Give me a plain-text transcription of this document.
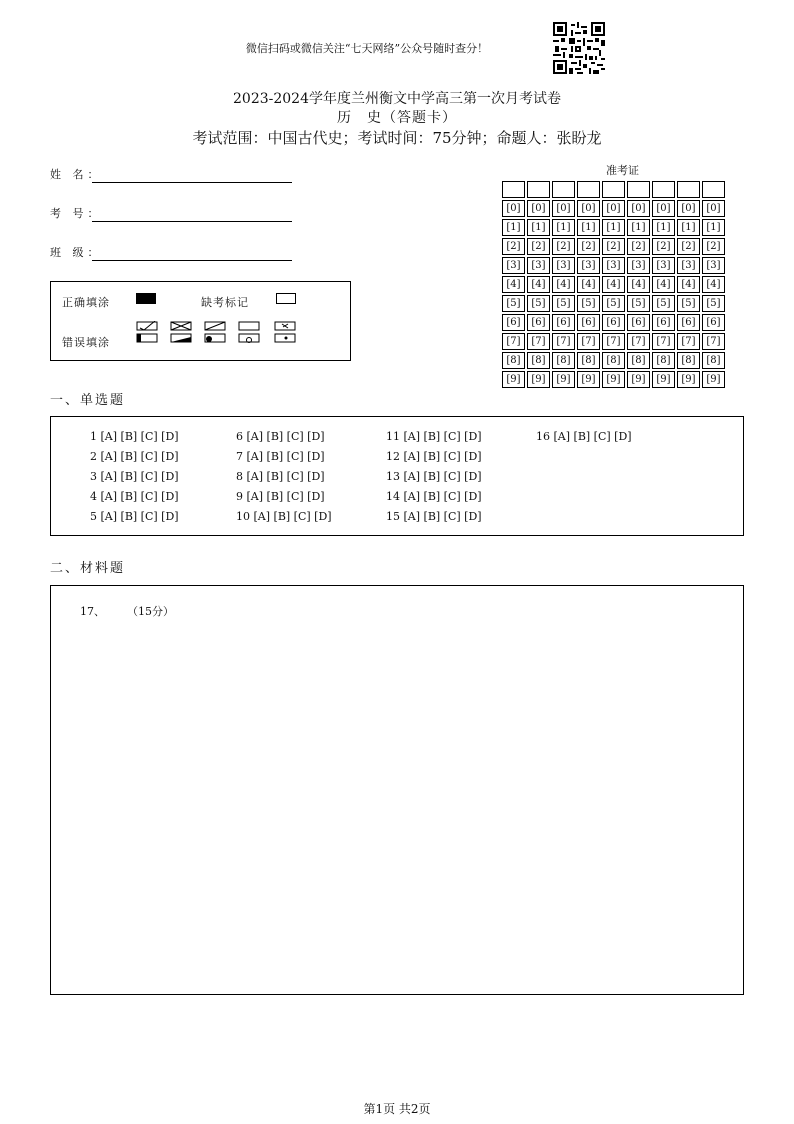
微信扫码或微信关注“七天网络”公众号随时查分！
2023-2024学年度兰州衡文中学高三第一次月考试卷
历　史（答题卡）
考试范围：中国古代史；考试时间：75分钟；命题人：张盼龙
姓 名：
考 号：
班 级：
正确填涂	缺考标记
错误填涂
准考证

[0]	[0]	[0]	[0]	[0]	[0]	[0]	[0]	[0]
[1]	[1]	[1]	[1]	[1]	[1]	[1]	[1]	[1]
[2]	[2]	[2]	[2]	[2]	[2]	[2]	[2]	[2]
[3]	[3]	[3]	[3]	[3]	[3]	[3]	[3]	[3]
[4]	[4]	[4]	[4]	[4]	[4]	[4]	[4]	[4]
[5]	[5]	[5]	[5]	[5]	[5]	[5]	[5]	[5]
[6]	[6]	[6]	[6]	[6]	[6]	[6]	[6]	[6]
[7]	[7]	[7]	[7]	[7]	[7]	[7]	[7]	[7]
[8]	[8]	[8]	[8]	[8]	[8]	[8]	[8]	[8]
[9]	[9]	[9]	[9]	[9]	[9]	[9]	[9]	[9]
一、单选题
1 [A] [B] [C] [D]
2 [A] [B] [C] [D]
3 [A] [B] [C] [D]
4 [A] [B] [C] [D]
5 [A] [B] [C] [D]
6 [A] [B] [C] [D]
7 [A] [B] [C] [D]
8 [A] [B] [C] [D]
9 [A] [B] [C] [D]
10 [A] [B] [C] [D]
11 [A] [B] [C] [D]
12 [A] [B] [C] [D]
13 [A] [B] [C] [D]
14 [A] [B] [C] [D]
15 [A] [B] [C] [D]
16 [A] [B] [C] [D]
二、材料题
17、 （15分）
第1页 共2页
